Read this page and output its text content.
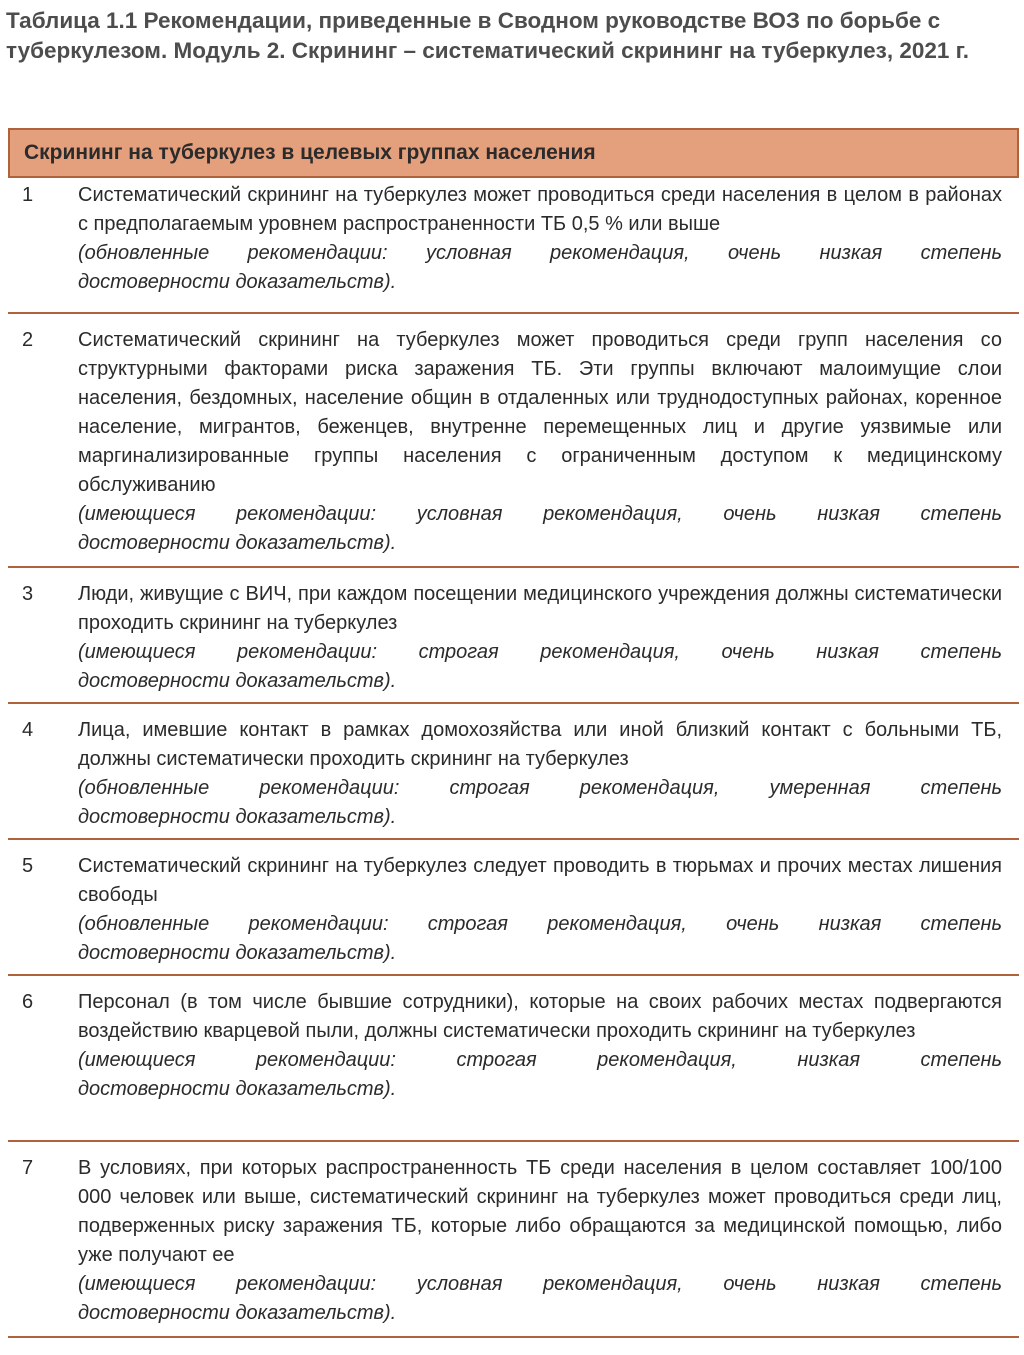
Таблица 1.1 Рекомендации, приведенные в Сводном руководстве ВОЗ по борьбе с туберкулезом. Модуль 2. Скрининг – систематический скрининг на туберкулез, 2021 г.
Скрининг на туберкулез в целевых группах населения
1 Систематический скрининг на туберкулез может проводиться среди населения в целом в районах с предполагаемым уровнем распространенности ТБ 0,5 % или выше

(обновленные рекомендации: условная рекомендация, очень низкая степень

достоверности доказательств).

2 Систематический скрининг на туберкулез может проводиться среди групп населения со структурными факторами риска заражения ТБ. Эти группы включают малоимущие слои населения, бездомных, население общин в отдаленных или труднодоступных районах, коренное население, мигрантов, беженцев, внутренне перемещенных лиц и другие уязвимые или маргинализированные группы населения с ограниченным доступом к медицинскому обслуживанию

(имеющиеся рекомендации: условная рекомендация, очень низкая степень

достоверности доказательств).

3 Люди, живущие с ВИЧ, при каждом посещении медицинского учреждения должны систематически проходить скрининг на туберкулез

(имеющиеся рекомендации: строгая рекомендация, очень низкая степень

достоверности доказательств).

4 Лица, имевшие контакт в рамках домохозяйства или иной близкий контакт с больными ТБ, должны систематически проходить скрининг на туберкулез

(обновленные рекомендации: строгая рекомендация, умеренная степень

достоверности доказательств).

5 Систематический скрининг на туберкулез следует проводить в тюрьмах и прочих местах лишения свободы

(обновленные рекомендации: строгая рекомендация, очень низкая степень

достоверности доказательств).

6 Персонал (в том числе бывшие сотрудники), которые на своих рабочих местах подвергаются воздействию кварцевой пыли, должны систематически проходить скрининг на туберкулез

(имеющиеся рекомендации: строгая рекомендация, низкая степень

достоверности доказательств).

7 В условиях, при которых распространенность ТБ среди населения в целом составляет 100/100 000 человек или выше, систематический скрининг на туберкулез может проводиться среди лиц, подверженных риску заражения ТБ, которые либо обращаются за медицинской помощью, либо уже получают ее

(имеющиеся рекомендации: условная рекомендация, очень низкая степень

достоверности доказательств).
